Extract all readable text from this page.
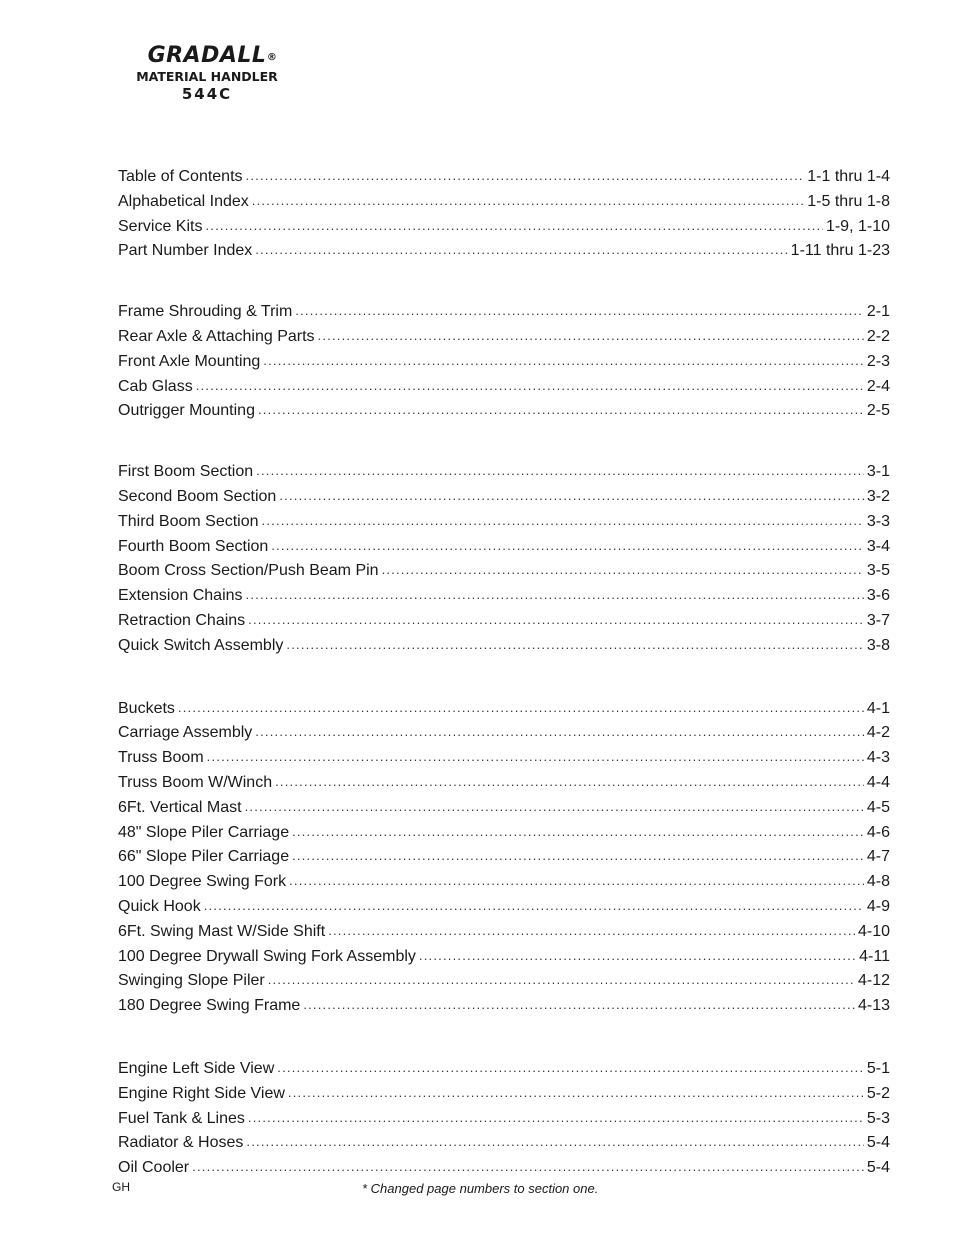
GRADALL ®
MATERIAL HANDLER
544C
Table of Contents .....	1-1 thru 1-4
Alphabetical Index .....	1-5 thru 1-8
Service Kits .....	1-9, 1-10
Part Number Index .....	1-11 thru 1-23
Frame Shrouding & Trim .....	2-1
Rear Axle & Attaching Parts .....	2-2
Front Axle Mounting .....	2-3
Cab Glass .....	2-4
Outrigger Mounting .....	2-5
First Boom Section .....	3-1
Second Boom Section .....	3-2
Third Boom Section .....	3-3
Fourth Boom Section .....	3-4
Boom Cross Section/Push Beam Pin .....	3-5
Extension Chains .....	3-6
Retraction Chains .....	3-7
Quick Switch Assembly .....	3-8
Buckets .....	4-1
Carriage Assembly .....	4-2
Truss Boom .....	4-3
Truss Boom W/Winch .....	4-4
6Ft. Vertical Mast .....	4-5
48" Slope Piler Carriage .....	4-6
66" Slope Piler Carriage .....	4-7
100 Degree Swing Fork .....	4-8
Quick Hook .....	4-9
6Ft. Swing Mast W/Side Shift .....	4-10
100 Degree Drywall Swing Fork Assembly .....	4-11
Swinging Slope Piler .....	4-12
180 Degree Swing Frame .....	4-13
Engine Left Side View .....	5-1
Engine Right Side View .....	5-2
Fuel Tank & Lines .....	5-3
Radiator & Hoses .....	5-4
Oil Cooler .....	5-4
GH	* Changed page numbers to section one.
